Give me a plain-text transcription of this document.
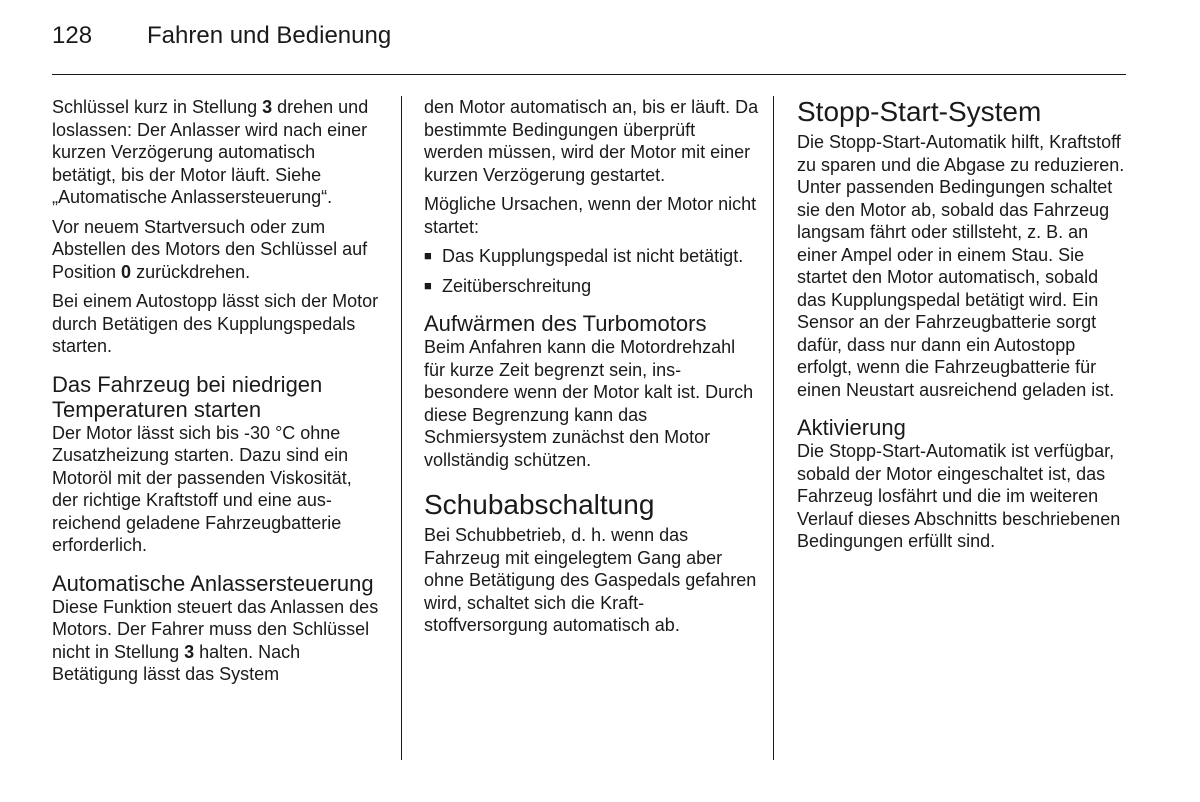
128 Fahren und Bedienung

Schlüssel kurz in Stellung 3 drehen und loslassen: Der Anlasser wird nach einer kurzen Verzögerung automatisch betätigt, bis der Motor läuft. Siehe „Automatische Anlassersteuerung“.

Vor neuem Startversuch oder zum Abstellen des Motors den Schlüssel auf Position 0 zurückdrehen.

Bei einem Autostopp lässt sich der Motor durch Betätigen des Kupplungspedals starten.

Das Fahrzeug bei niedrigen Temperaturen starten

Der Motor lässt sich bis -30 °C ohne Zusatzheizung starten. Dazu sind ein Motoröl mit der passenden Viskosität, der richtige Kraftstoff und eine ausreichend geladene Fahrzeugbatterie erforderlich.

Automatische Anlassersteuerung

Diese Funktion steuert das Anlassen des Motors. Der Fahrer muss den Schlüssel nicht in Stellung 3 halten. Nach Betätigung lässt das System

den Motor automatisch an, bis er läuft. Da bestimmte Bedingungen überprüft werden müssen, wird der Motor mit einer kurzen Verzögerung gestartet.

Mögliche Ursachen, wenn der Motor nicht startet:

■ Das Kupplungspedal ist nicht betätigt.
■ Zeitüberschreitung
Aufwärmen des Turbomotors

Beim Anfahren kann die Motordrehzahl für kurze Zeit begrenzt sein, insbesondere wenn der Motor kalt ist. Durch diese Begrenzung kann das Schmiersystem zunächst den Motor vollständig schützen.

Schubabschaltung

Bei Schubbetrieb, d. h. wenn das Fahrzeug mit eingelegtem Gang aber ohne Betätigung des Gaspedals gefahren wird, schaltet sich die Kraftstoffversorgung automatisch ab.

Stopp-Start-System

Die Stopp-Start-Automatik hilft, Kraftstoff zu sparen und die Abgase zu reduzieren. Unter passenden Bedingungen schaltet sie den Motor ab, sobald das Fahrzeug langsam fährt oder stillsteht, z. B. an einer Ampel oder in einem Stau. Sie startet den Motor automatisch, sobald das Kupplungspedal betätigt wird. Ein Sensor an der Fahrzeugbatterie sorgt dafür, dass nur dann ein Autostopp erfolgt, wenn die Fahrzeugbatterie für einen Neustart ausreichend geladen ist.

Aktivierung

Die Stopp-Start-Automatik ist verfügbar, sobald der Motor eingeschaltet ist, das Fahrzeug losfährt und die im weiteren Verlauf dieses Abschnitts beschriebenen Bedingungen erfüllt sind.
